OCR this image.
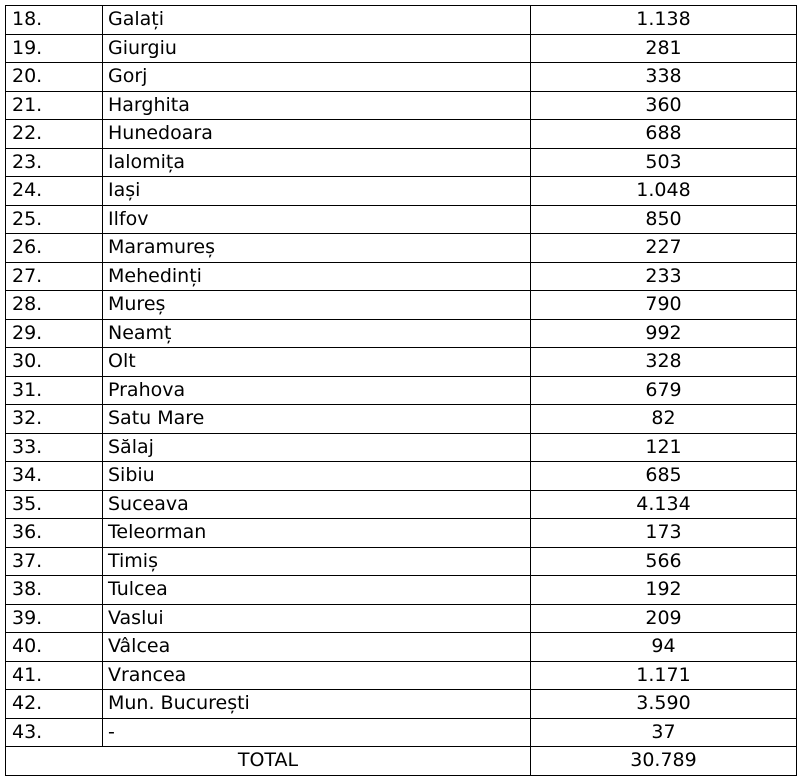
18.	Galați	1.138
19.	Giurgiu	281
20.	Gorj	338
21.	Harghita	360
22.	Hunedoara	688
23.	Ialomița	503
24.	Iași	1.048
25.	Ilfov	850
26.	Maramureș	227
27.	Mehedinți	233
28.	Mureș	790
29.	Neamț	992
30.	Olt	328
31.	Prahova	679
32.	Satu Mare	82
33.	Sălaj	121
34.	Sibiu	685
35.	Suceava	4.134
36.	Teleorman	173
37.	Timiș	566
38.	Tulcea	192
39.	Vaslui	209
40.	Vâlcea	94
41.	Vrancea	1.171
42.	Mun. București	3.590
43.	-	37
TOTAL		30.789
